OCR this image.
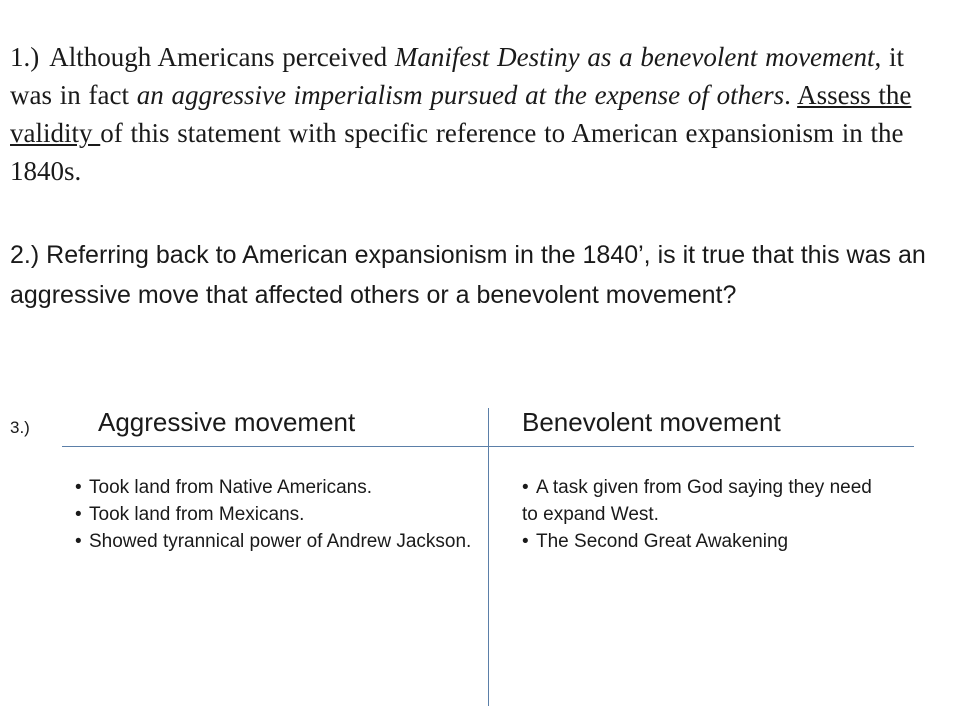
1.) Although Americans perceived Manifest Destiny as a benevolent movement, it was in fact an aggressive imperialism pursued at the expense of others. Assess the validity of this statement with specific reference to American expansionism in the 1840s.
2.) Referring back to American expansionism in the 1840’, is it true that this was an aggressive move that affected others or a benevolent movement?
3.)	Aggressive movement	Benevolent movement
• Took land from Native Americans.
• Took land from Mexicans.
• Showed tyrannical power of Andrew Jackson.
• A task given from God saying they need to expand West.
• The Second Great Awakening
